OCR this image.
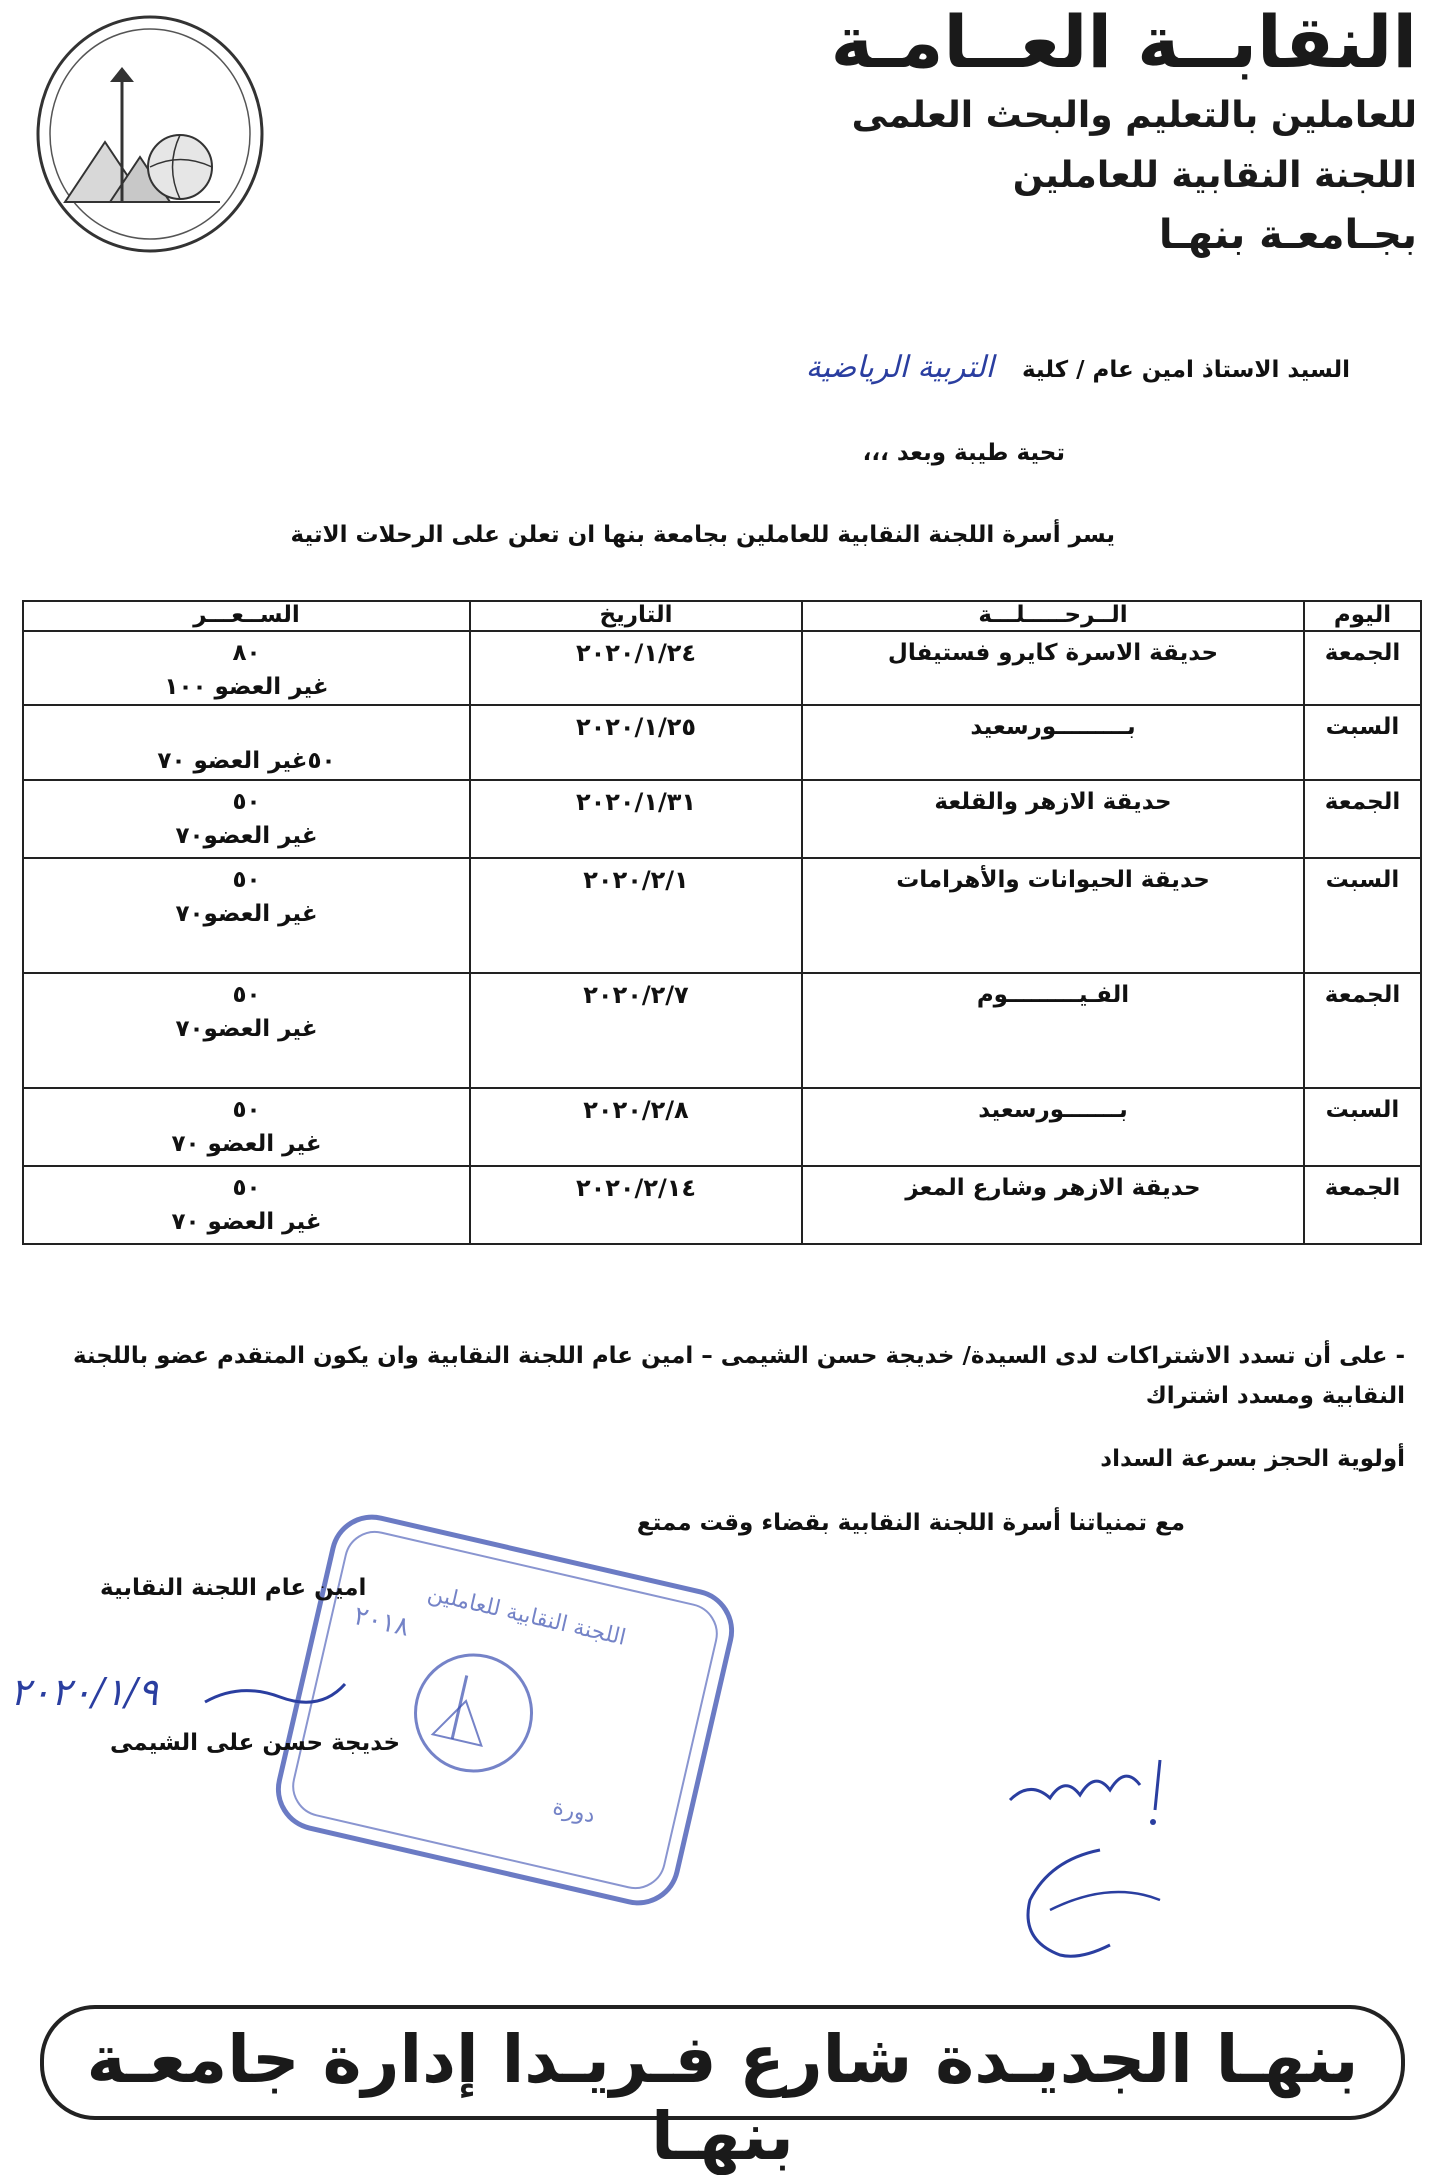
النقابــة العــامـة
للعاملين بالتعليم والبحث العلمى
اللجنة النقابية للعاملين
بجـامعـة بنهـا
السيد الاستاذ امين عام / كلية التربية الرياضية
تحية طيبة وبعد ،،،
يسر أسرة اللجنة النقابية للعاملين بجامعة بنها ان تعلن على الرحلات الاتية
اليوم	الــرحـــــلـــة	التاريخ	الســعـــر
الجمعة	حديقة الاسرة كايرو فستيفال	٢٠٢٠/١/٢٤	٨٠
غير العضو ١٠٠

السبت	بـــــــــورسعيد	٢٠٢٠/١/٢٥	٥٠غير العضو ٧٠

الجمعة	حديقة الازهر والقلعة	٢٠٢٠/١/٣١	٥٠
غير العضو٧٠

السبت	حديقة الحيوانات والأهرامات	٢٠٢٠/٢/١	٥٠
غير العضو٧٠

الجمعة	الفـيـــــــــوم	٢٠٢٠/٢/٧	٥٠
غير العضو٧٠

السبت	بـــــــورسعيد	٢٠٢٠/٢/٨	٥٠
غير العضو ٧٠

الجمعة	حديقة الازهر وشارع المعز	٢٠٢٠/٢/١٤	٥٠
غير العضو ٧٠
- على أن تسدد الاشتراكات لدى السيدة/ خديجة حسن الشيمى – امين عام اللجنة النقابية وان يكون المتقدم عضو باللجنة النقابية ومسدد اشتراك
أولوية الحجز بسرعة السداد
مع تمنياتنا أسرة اللجنة النقابية بقضاء وقت ممتع
اللجنة النقابية للعاملين
دورة
٢٠١٨
امين عام اللجنة النقابية
٢٠٢٠/١/٩
خديجة حسن على الشيمى
بنهـا الجديـدة شارع فـريـدا إدارة جامعـة بنهـا
